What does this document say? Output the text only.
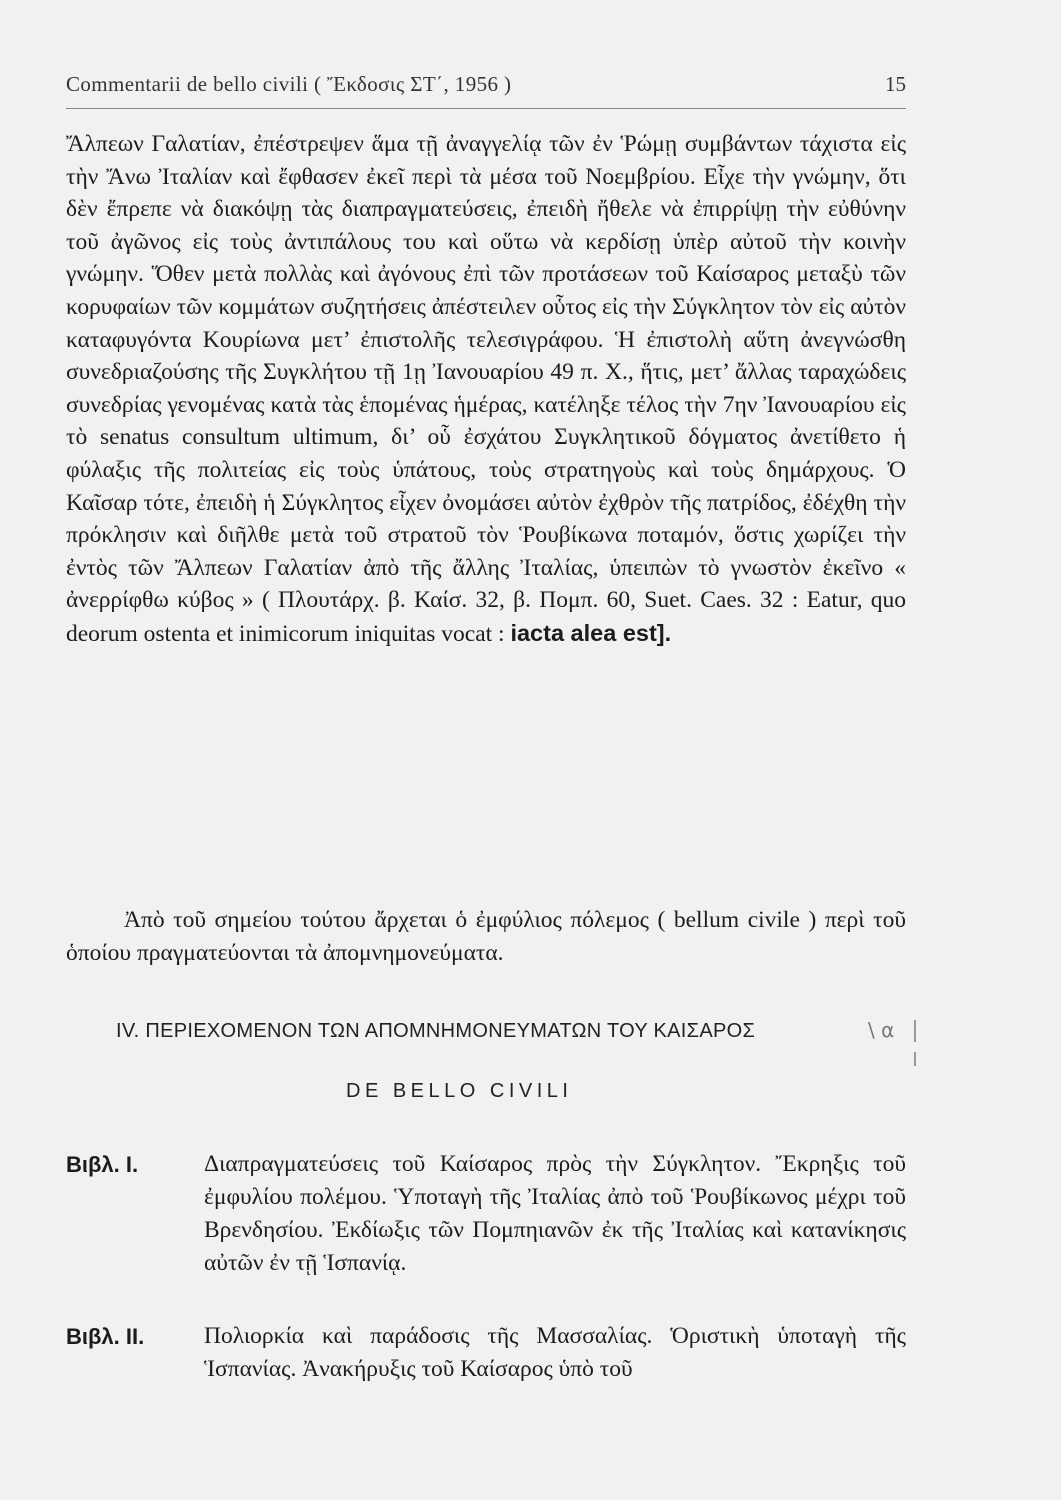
Commentarii de bello civili ( Ἔκδοσις ΣΤ΄, 1956 )	15

Ἄλπεων Γαλατίαν, ἐπέστρεψεν ἅμα τῇ ἀναγγελίᾳ τῶν ἐν Ῥώμῃ συμβάντων τάχιστα εἰς τὴν Ἄνω Ἰταλίαν καὶ ἔφθασεν ἐκεῖ περὶ τὰ μέσα τοῦ Νοεμβρίου. Εἶχε τὴν γνώμην, ὅτι δὲν ἔπρεπε νὰ διακόψῃ τὰς διαπραγματεύσεις, ἐπειδὴ ἤθελε νὰ ἐπιρρίψῃ τὴν εὐθύνην τοῦ ἀγῶνος εἰς τοὺς ἀντιπάλους του καὶ οὕτω νὰ κερδίσῃ ὑπὲρ αὐτοῦ τὴν κοινὴν γνώμην. Ὅθεν μετὰ πολλὰς καὶ ἀγόνους ἐπὶ τῶν προτάσεων τοῦ Καίσαρος μεταξὺ τῶν κορυφαίων τῶν κομμάτων συζητήσεις ἀπέστειλεν οὗτος εἰς τὴν Σύγκλητον τὸν εἰς αὐτὸν καταφυγόντα Κουρίωνα μετ’ ἐπιστολῆς τελεσιγράφου. Ἡ ἐπιστολὴ αὕτη ἀνεγνώσθη συνεδριαζούσης τῆς Συγκλήτου τῇ 1ῃ Ἰανουαρίου 49 π. Χ., ἥτις, μετ’ ἄλλας ταραχώδεις συνεδρίας γενομένας κατὰ τὰς ἑπομένας ἡμέρας, κατέληξε τέλος τὴν 7ην Ἰανουαρίου εἰς τὸ senatus consultum ultimum, δι’ οὗ ἐσχάτου Συγκλητικοῦ δόγματος ἀνετίθετο ἡ φύλαξις τῆς πολιτείας εἰς τοὺς ὑπάτους, τοὺς στρατηγοὺς καὶ τοὺς δημάρχους. Ὁ Καῖσαρ τότε, ἐπειδὴ ἡ Σύγκλητος εἶχεν ὀνομάσει αὐτὸν ἐχθρὸν τῆς πατρίδος, ἐδέχθη τὴν πρόκλησιν καὶ διῆλθε μετὰ τοῦ στρατοῦ τὸν Ῥουβίκωνα ποταμόν, ὅστις χωρίζει τὴν ἐντὸς τῶν Ἄλπεων Γαλατίαν ἀπὸ τῆς ἄλλης Ἰταλίας, ὑπειπὼν τὸ γνωστὸν ἐκεῖνο « ἀνερρίφθω κύβος » ( Πλουτάρχ. β. Καίσ. 32, β. Πομπ. 60, Suet. Caes. 32 : Eatur, quo deorum ostenta et inimicorum iniquitas vocat : iacta alea est].

Ἀπὸ τοῦ σημείου τούτου ἄρχεται ὁ ἐμφύλιος πόλεμος ( bellum civile ) περὶ τοῦ ὁποίου πραγματεύονται τὰ ἀπομνημονεύματα.

IV. ΠΕΡΙΕΧΟΜΕΝΟΝ ΤΩΝ ΑΠΟΜΝΗΜΟΝΕΥΜΑΤΩΝ ΤΟΥ ΚΑΙΣΑΡΟΣ
DE BELLO CIVILI
\ α
Βιβλ. I.	Διαπραγματεύσεις τοῦ Καίσαρος πρὸς τὴν Σύγκλητον. Ἔκρηξις τοῦ ἐμφυλίου πολέμου. Ὑποταγὴ τῆς Ἰταλίας ἀπὸ τοῦ Ῥουβίκωνος μέχρι τοῦ Βρενδησίου. Ἐκδίωξις τῶν Πομπηιανῶν ἐκ τῆς Ἰταλίας καὶ κατανίκησις αὐτῶν ἐν τῇ Ἱσπανίᾳ.
Βιβλ. II.	Πολιορκία καὶ παράδοσις τῆς Μασσαλίας. Ὁριστικὴ ὑποταγὴ τῆς Ἱσπανίας. Ἀνακήρυξις τοῦ Καίσαρος ὑπὸ τοῦ
